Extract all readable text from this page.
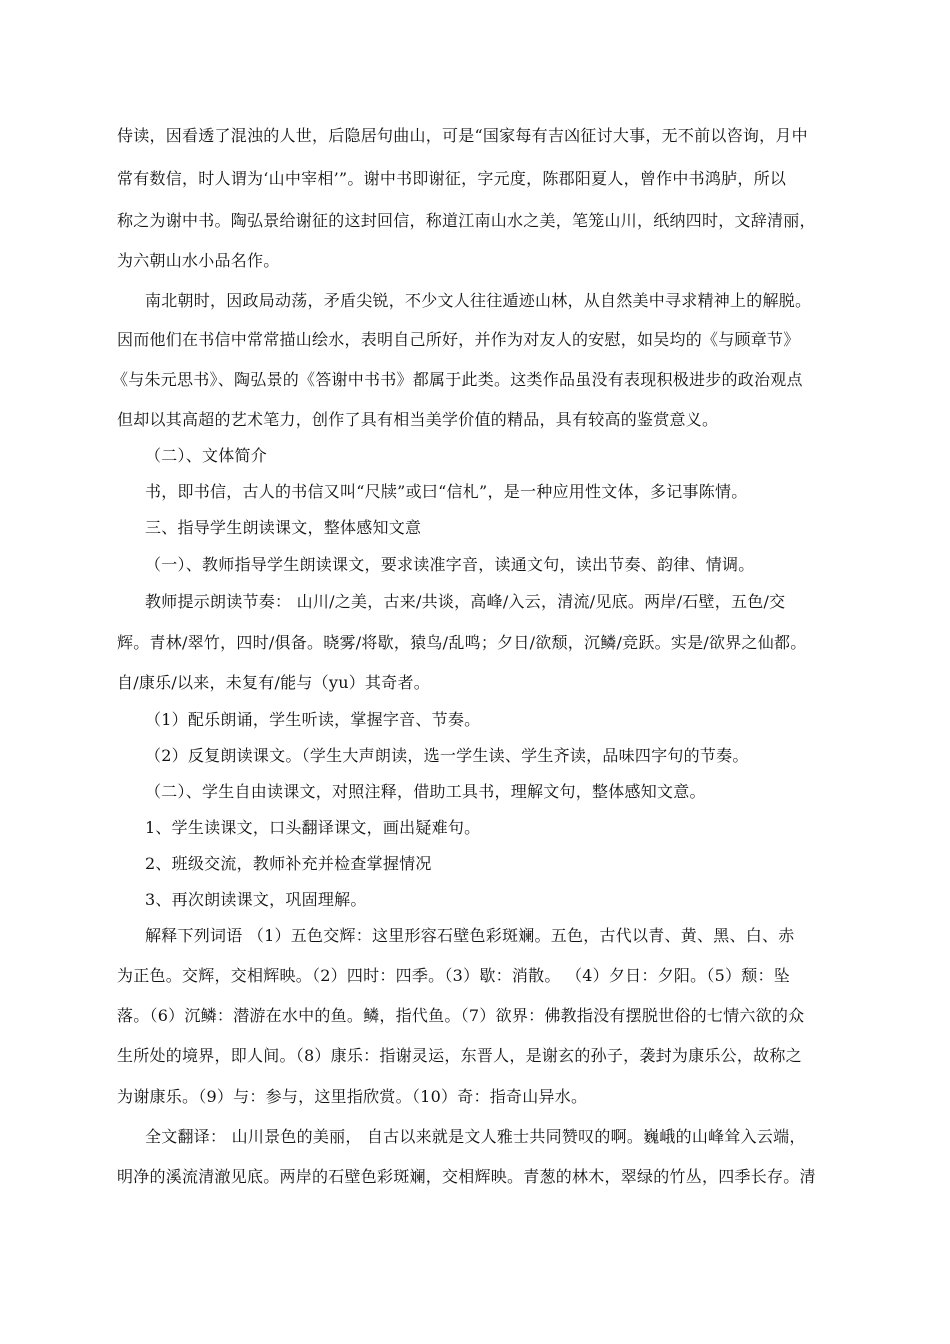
侍读，因看透了混浊的人世，后隐居句曲山，可是“国家每有吉凶征讨大事，无不前以咨询，月中
常有数信，时人谓为‘山中宰相’”。谢中书即谢征，字元度，陈郡阳夏人，曾作中书鸿胪，所以
称之为谢中书。陶弘景给谢征的这封回信，称道江南山水之美，笔笼山川，纸纳四时，文辞清丽，
为六朝山水小品名作。
南北朝时，因政局动荡，矛盾尖锐，不少文人往往遁迹山林，从自然美中寻求精神上的解脱。
因而他们在书信中常常描山绘水，表明自己所好，并作为对友人的安慰，如吴均的《与顾章节》
《与朱元思书》、陶弘景的《答谢中书书》都属于此类。这类作品虽没有表现积极进步的政治观点
但却以其高超的艺术笔力，创作了具有相当美学价值的精品，具有较高的鉴赏意义。
（二）、文体简介
书，即书信，古人的书信又叫“尺牍”或曰“信札”，是一种应用性文体，多记事陈情。
三、指导学生朗读课文，整体感知文意
（一）、教师指导学生朗读课文，要求读准字音，读通文句，读出节奏、韵律、情调。
教师提示朗读节奏： 山川/之美，古来/共谈，高峰/入云，清流/见底。两岸/石壁，五色/交
辉。青林/翠竹，四时/俱备。晓雾/将歇，猿鸟/乱鸣；夕日/欲颓，沉鳞/竞跃。实是/欲界之仙都。
自/康乐/以来，未复有/能与（yu）其奇者。
（1）配乐朗诵，学生听读，掌握字音、节奏。
（2）反复朗读课文。（学生大声朗读，选一学生读、学生齐读，品味四字句的节奏。
（二）、学生自由读课文，对照注释，借助工具书，理解文句，整体感知文意。
1、学生读课文，口头翻译课文，画出疑难句。
2、班级交流，教师补充并检查掌握情况
3、再次朗读课文，巩固理解。
解释下列词语 （1）五色交辉：这里形容石壁色彩斑斓。五色，古代以青、黄、黑、白、赤
为正色。交辉，交相辉映。（2）四时：四季。（3）歇：消散。 （4）夕日：夕阳。（5）颓：坠
落。（6）沉鳞：潜游在水中的鱼。鳞，指代鱼。（7）欲界：佛教指没有摆脱世俗的七情六欲的众
生所处的境界，即人间。（8）康乐：指谢灵运，东晋人，是谢玄的孙子，袭封为康乐公，故称之
为谢康乐。（9）与：参与，这里指欣赏。（10）奇：指奇山异水。
全文翻译： 山川景色的美丽， 自古以来就是文人雅士共同赞叹的啊。巍峨的山峰耸入云端，
明净的溪流清澈见底。两岸的石壁色彩斑斓，交相辉映。青葱的林木，翠绿的竹丛，四季长存。清
